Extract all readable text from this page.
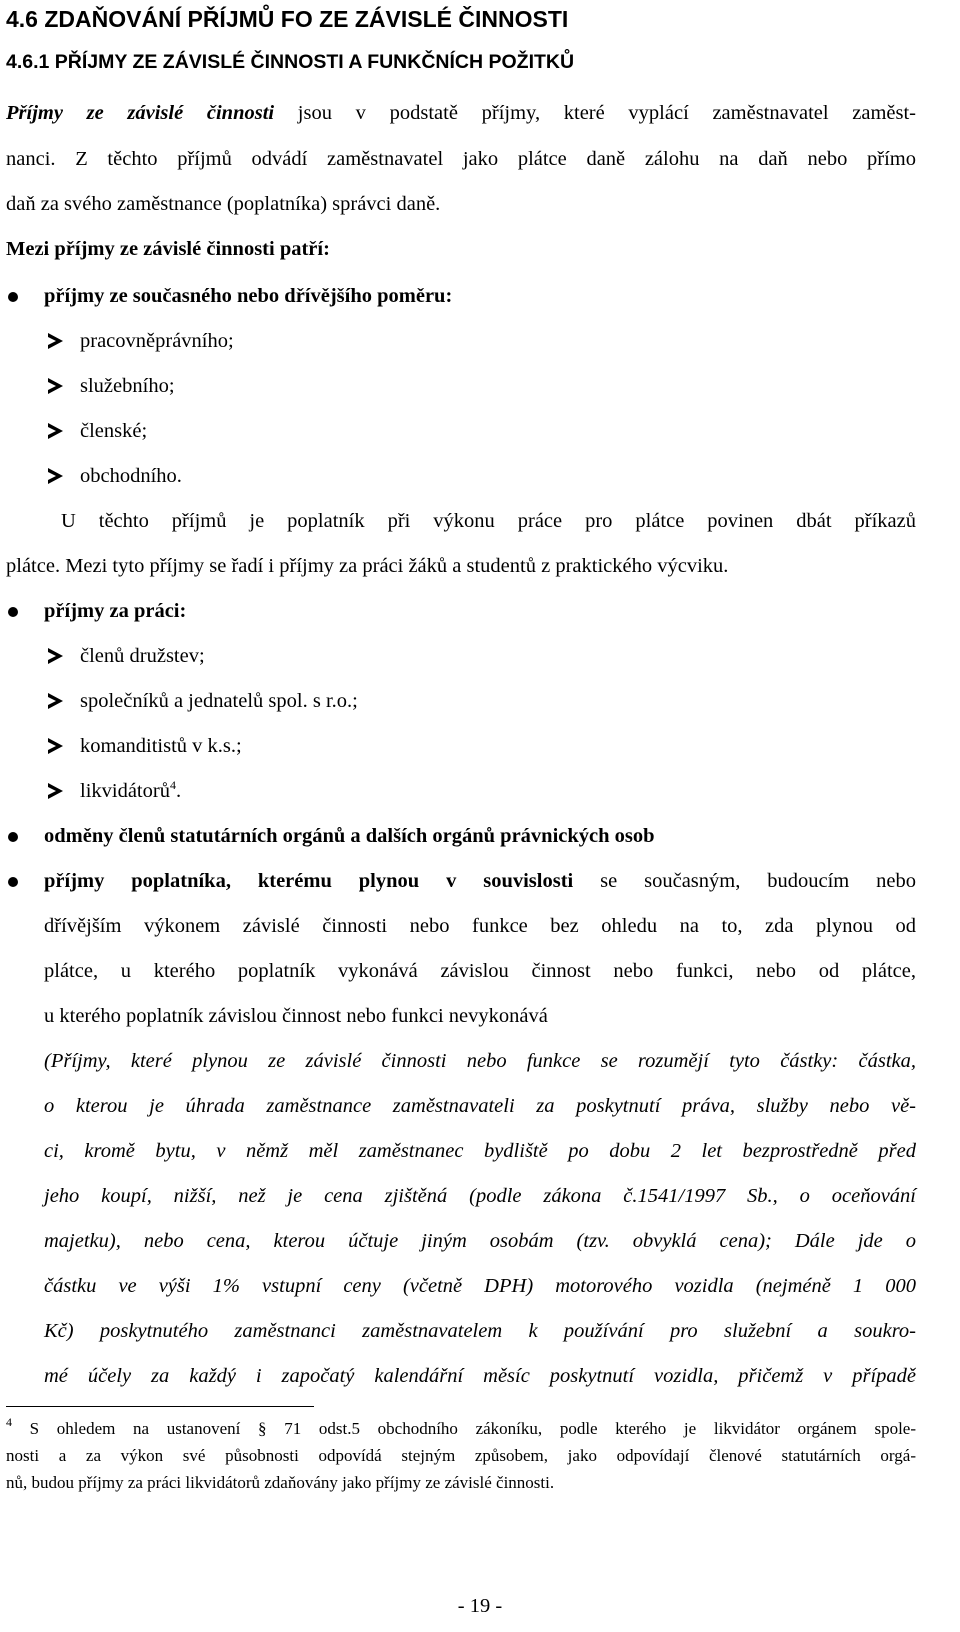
4.6 ZDAŇOVÁNÍ PŘÍJMŮ FO ZE ZÁVISLÉ ČINNOSTI
4.6.1 PŘÍJMY ZE ZÁVISLÉ ČINNOSTI A FUNKČNÍCH POŽITKŮ
Příjmy ze závislé činnosti jsou v podstatě příjmy, které vyplácí zaměstnavatel zaměst-
nanci. Z těchto příjmů odvádí zaměstnavatel jako plátce daně zálohu na daň nebo přímo
daň za svého zaměstnance (poplatníka) správci daně.
Mezi příjmy ze závislé činnosti patří:
příjmy ze současného nebo dřívějšího poměru:
pracovněprávního;
služebního;
členské;
obchodního.
U těchto příjmů je poplatník při výkonu práce pro plátce povinen dbát příkazů
plátce. Mezi tyto příjmy se řadí i příjmy za práci žáků a studentů z praktického výcviku.
příjmy za práci:
členů družstev;
společníků a jednatelů spol. s r.o.;
komanditistů v k.s.;
likvidátorů$^4$.
odměny členů statutárních orgánů a dalších orgánů právnických osob
příjmy poplatníka, kterému plynou v souvislosti se současným, budoucím nebo
dřívějším výkonem závislé činnosti nebo funkce bez ohledu na to, zda plynou od
plátce, u kterého poplatník vykonává závislou činnost nebo funkci, nebo od plátce,
u kterého poplatník závislou činnost nebo funkci nevykonává
(Příjmy, které plynou ze závislé činnosti nebo funkce se rozumějí tyto částky: částka,
o kterou je úhrada zaměstnance zaměstnavateli za poskytnutí práva, služby nebo vě-
ci, kromě bytu, v němž měl zaměstnanec bydliště po dobu 2 let bezprostředně před
jeho koupí, nižší, než je cena zjištěná (podle zákona č.1541/1997 Sb., o oceňování
majetku), nebo cena, kterou účtuje jiným osobám (tzv. obvyklá cena); Dále jde o
částku ve výši 1% vstupní ceny (včetně DPH) motorového vozidla (nejméně 1 000
Kč) poskytnutého zaměstnanci zaměstnavatelem k používání pro služební a soukro-
mé účely za každý i započatý kalendářní měsíc poskytnutí vozidla, přičemž v případě
$^4$ S ohledem na ustanovení § 71 odst.5 obchodního zákoníku, podle kterého je likvidátor orgánem spole-
nosti a za výkon své působnosti odpovídá stejným způsobem, jako odpovídají členové statutárních orgá-
nů, budou příjmy za práci likvidátorů zdaňovány jako příjmy ze závislé činnosti.
- 19 -
